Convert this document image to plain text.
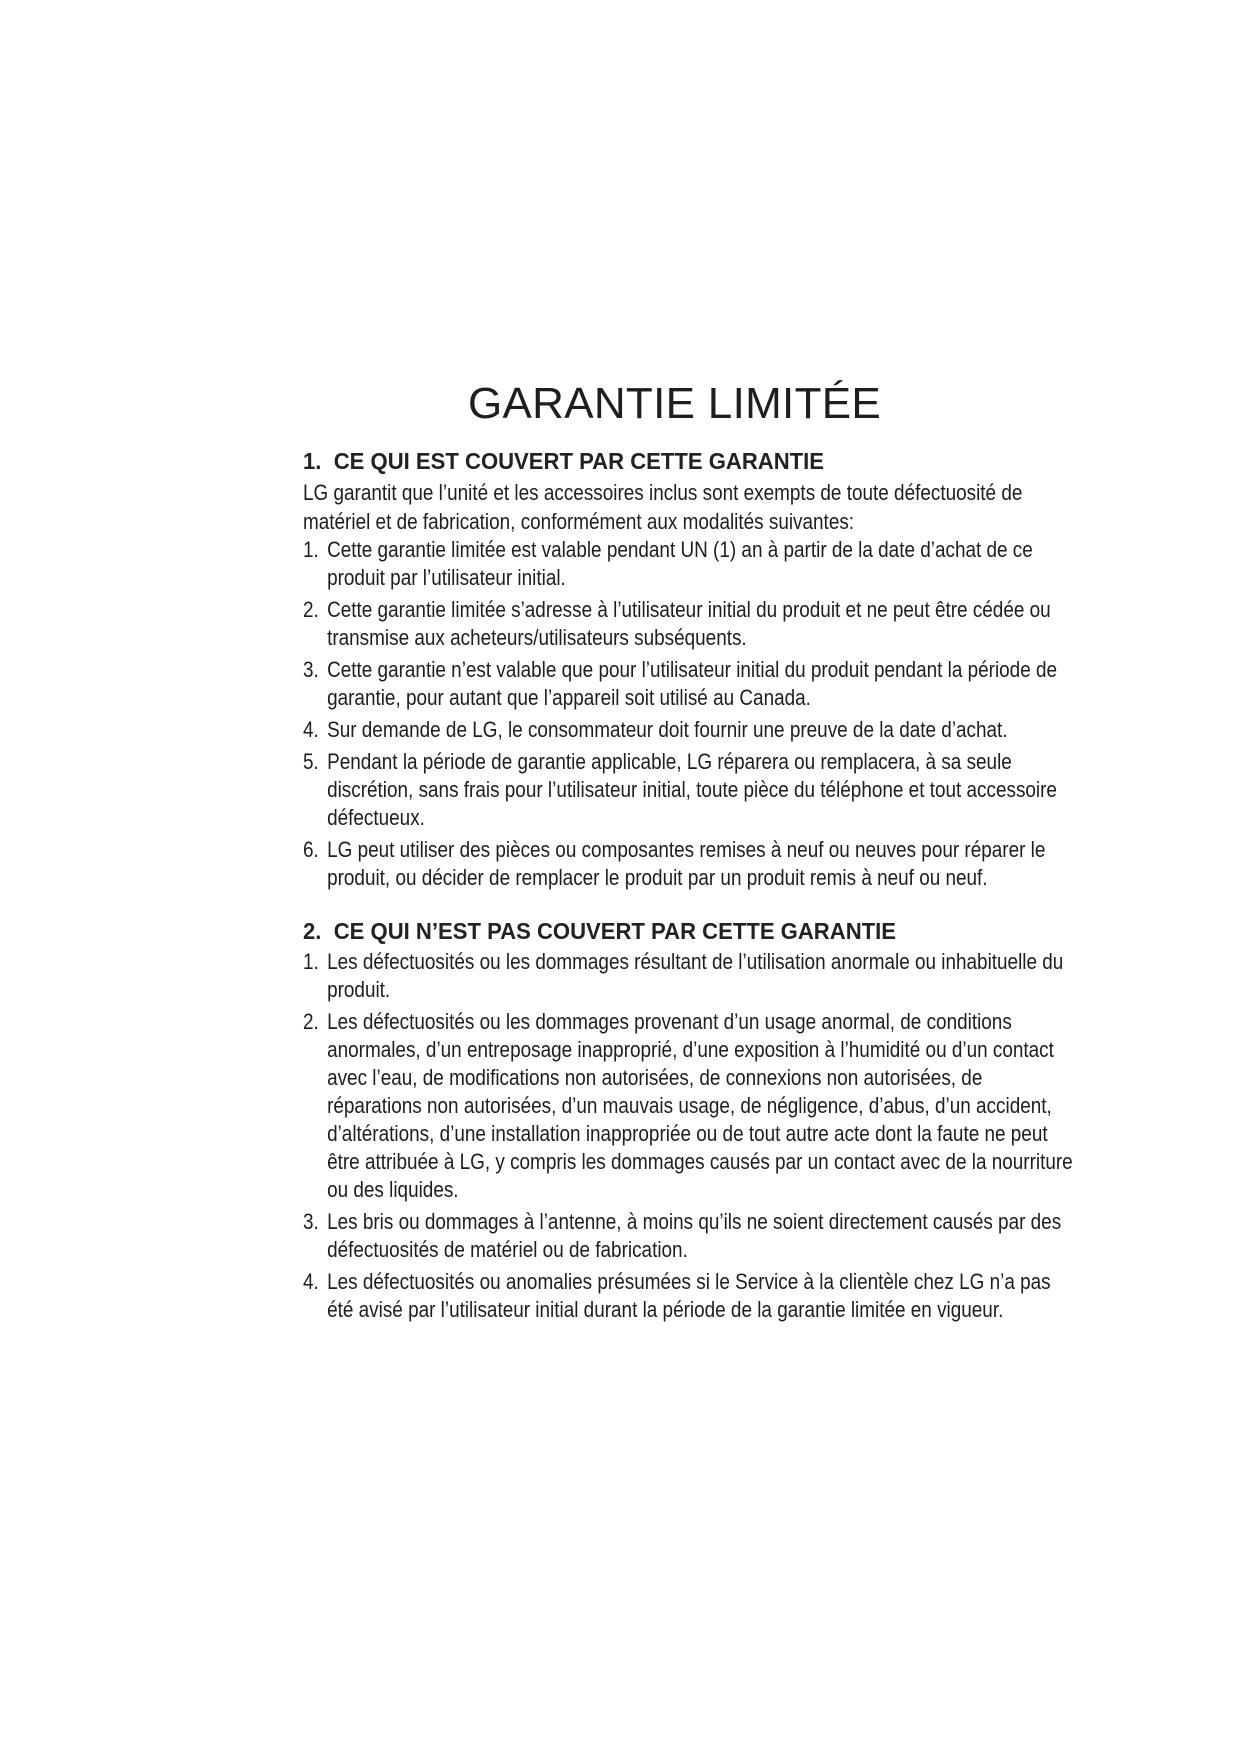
GARANTIE LIMITÉE
1. CE QUI EST COUVERT PAR CETTE GARANTIE

LG garantit que l’unité et les accessoires inclus sont exempts de toute défectuosité de matériel et de fabrication, conformément aux modalités suivantes:

1. Cette garantie limitée est valable pendant UN (1) an à partir de la date d’achat de ce produit par l’utilisateur initial.
2. Cette garantie limitée s’adresse à l’utilisateur initial du produit et ne peut être cédée ou transmise aux acheteurs/utilisateurs subséquents.
3. Cette garantie n’est valable que pour l’utilisateur initial du produit pendant la période de garantie, pour autant que l’appareil soit utilisé au Canada.
4. Sur demande de LG, le consommateur doit fournir une preuve de la date d’achat.
5. Pendant la période de garantie applicable, LG réparera ou remplacera, à sa seule discrétion, sans frais pour l’utilisateur initial, toute pièce du téléphone et tout accessoire défectueux.
6. LG peut utiliser des pièces ou composantes remises à neuf ou neuves pour réparer le produit, ou décider de remplacer le produit par un produit remis à neuf ou neuf.
2. CE QUI N’EST PAS COUVERT PAR CETTE GARANTIE
1. Les défectuosités ou les dommages résultant de l’utilisation anormale ou inhabituelle du produit.
2. Les défectuosités ou les dommages provenant d’un usage anormal, de conditions anormales, d’un entreposage inapproprié, d’une exposition à l’humidité ou d’un contact avec l’eau, de modifications non autorisées, de connexions non autorisées, de réparations non autorisées, d’un mauvais usage, de négligence, d’abus, d’un accident, d’altérations, d’une installation inappropriée ou de tout autre acte dont la faute ne peut être attribuée à LG, y compris les dommages causés par un contact avec de la nourriture ou des liquides.
3. Les bris ou dommages à l’antenne, à moins qu’ils ne soient directement causés par des défectuosités de matériel ou de fabrication.
4. Les défectuosités ou anomalies présumées si le Service à la clientèle chez LG n’a pas été avisé par l’utilisateur initial durant la période de la garantie limitée en vigueur.
